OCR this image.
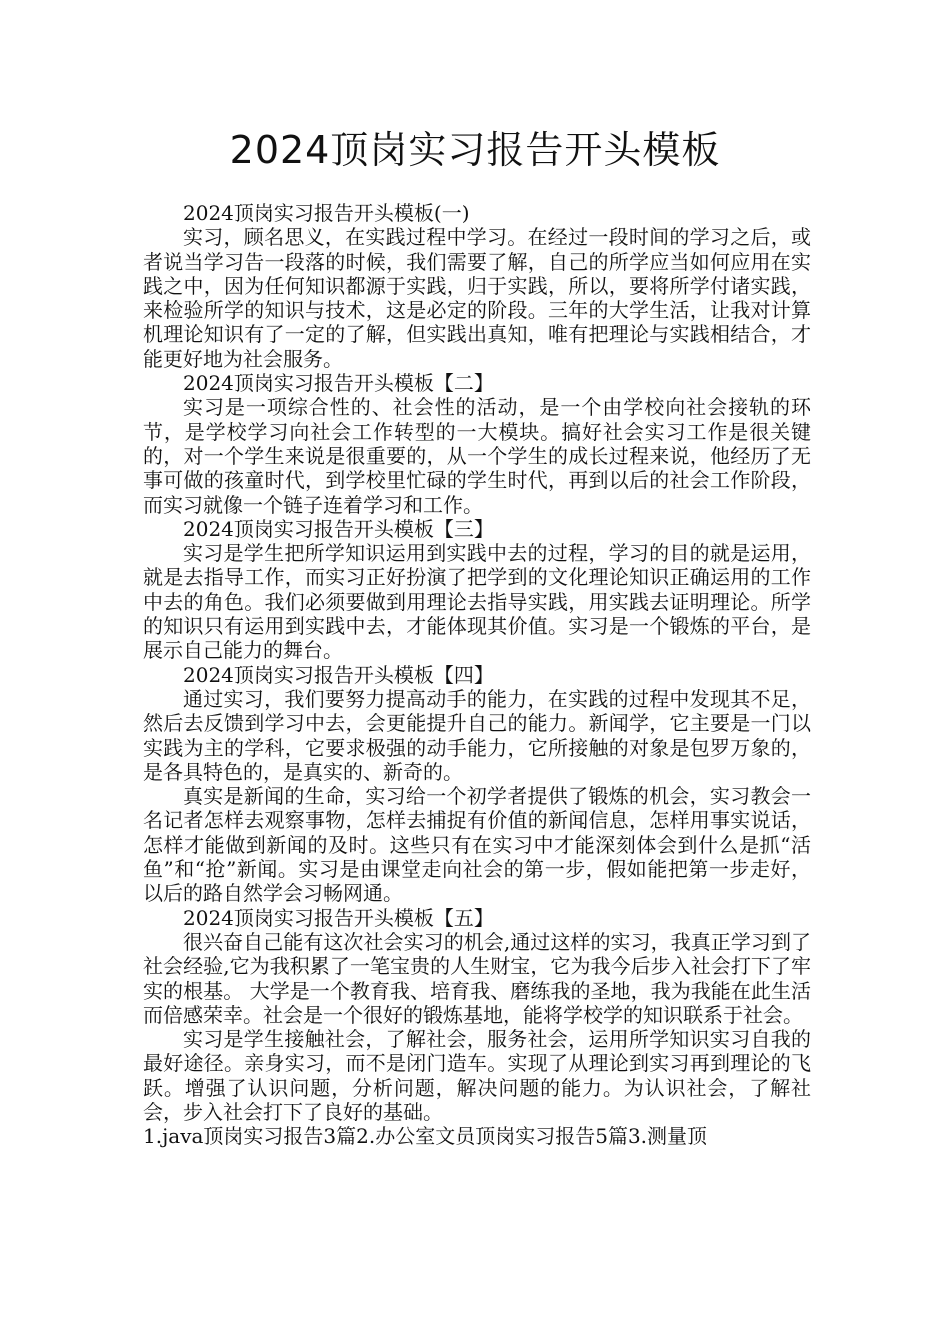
2024顶岗实习报告开头模板

2024顶岗实习报告开头模板(一)

实习，顾名思义，在实践过程中学习。在经过一段时间的学习之后，或者说当学习告一段落的时候，我们需要了解，自己的所学应当如何应用在实践之中，因为任何知识都源于实践，归于实践，所以，要将所学付诸实践，来检验所学的知识与技术，这是必定的阶段。三年的大学生活，让我对计算机理论知识有了一定的了解，但实践出真知，唯有把理论与实践相结合，才能更好地为社会服务。

2024顶岗实习报告开头模板【二】

实习是一项综合性的、社会性的活动，是一个由学校向社会接轨的环节，是学校学习向社会工作转型的一大模块。搞好社会实习工作是很关键的，对一个学生来说是很重要的，从一个学生的成长过程来说，他经历了无事可做的孩童时代，到学校里忙碌的学生时代，再到以后的社会工作阶段，而实习就像一个链子连着学习和工作。

2024顶岗实习报告开头模板【三】

实习是学生把所学知识运用到实践中去的过程，学习的目的就是运用，就是去指导工作，而实习正好扮演了把学到的文化理论知识正确运用的工作中去的角色。我们必须要做到用理论去指导实践，用实践去证明理论。所学的知识只有运用到实践中去，才能体现其价值。实习是一个锻炼的平台，是展示自己能力的舞台。

2024顶岗实习报告开头模板【四】

通过实习，我们要努力提高动手的能力，在实践的过程中发现其不足，然后去反馈到学习中去，会更能提升自己的能力。新闻学，它主要是一门以实践为主的学科，它要求极强的动手能力，它所接触的对象是包罗万象的，是各具特色的，是真实的、新奇的。

真实是新闻的生命，实习给一个初学者提供了锻炼的机会，实习教会一名记者怎样去观察事物，怎样去捕捉有价值的新闻信息，怎样用事实说话，怎样才能做到新闻的及时。这些只有在实习中才能深刻体会到什么是抓“活鱼”和“抢”新闻。实习是由课堂走向社会的第一步，假如能把第一步走好，以后的路自然学会习畅网通。

2024顶岗实习报告开头模板【五】

很兴奋自己能有这次社会实习的机会,通过这样的实习，我真正学习到了社会经验,它为我积累了一笔宝贵的人生财宝，它为我今后步入社会打下了牢实的根基。 大学是一个教育我、培育我、磨练我的圣地，我为我能在此生活而倍感荣幸。社会是一个很好的锻炼基地，能将学校学的知识联系于社会。

实习是学生接触社会，了解社会，服务社会，运用所学知识实习自我的最好途径。亲身实习，而不是闭门造车。实现了从理论到实习再到理论的飞跃。增强了认识问题，分析问题，解决问题的能力。为认识社会，了解社会，步入社会打下了良好的基础。

1.java顶岗实习报告3篇2.办公室文员顶岗实习报告5篇3.测量顶
